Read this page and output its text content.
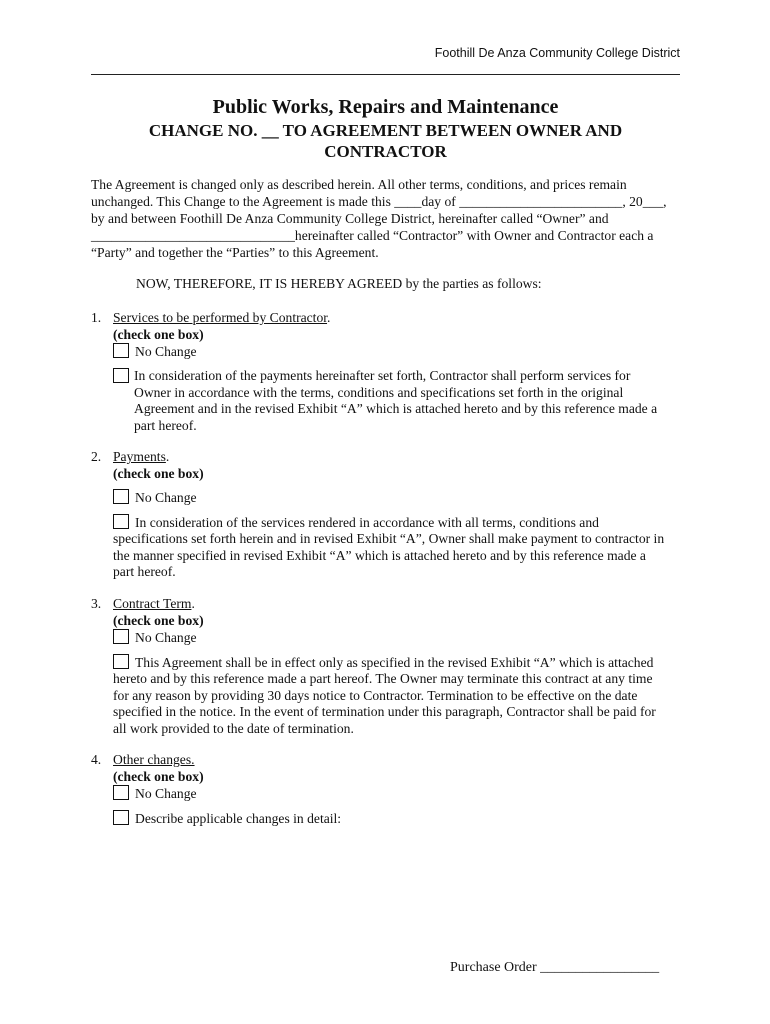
Foothill De Anza Community College District
Public Works, Repairs and Maintenance
CHANGE NO. __ TO AGREEMENT BETWEEN OWNER AND
CONTRACTOR
The Agreement is changed only as described herein. All other terms, conditions, and prices remain
unchanged. This Change to the Agreement is made this ____day of ________________________, 20___,
by and between Foothill De Anza Community College District, hereinafter called “Owner” and
______________________________hereinafter called “Contractor” with Owner and Contractor each a
“Party” and together the “Parties” to this Agreement.
NOW, THEREFORE, IT IS HEREBY AGREED by the parties as follows:
1. Services to be performed by Contractor.
(check one box)
No Change
In consideration of the payments hereinafter set forth, Contractor shall perform services for
Owner in accordance with the terms, conditions and specifications set forth in the original
Agreement and in the revised Exhibit “A” which is attached hereto and by this reference made a
part hereof.
2. Payments.
(check one box)
No Change
In consideration of the services rendered in accordance with all terms, conditions and
specifications set forth herein and in revised Exhibit “A”, Owner shall make payment to contractor in
the manner specified in revised Exhibit “A” which is attached hereto and by this reference made a
part hereof.
3. Contract Term.
(check one box)
No Change
This Agreement shall be in effect only as specified in the revised Exhibit “A” which is attached
hereto and by this reference made a part hereof. The Owner may terminate this contract at any time
for any reason by providing 30 days notice to Contractor. Termination to be effective on the date
specified in the notice. In the event of termination under this paragraph, Contractor shall be paid for
all work provided to the date of termination.
4. Other changes.
(check one box)
No Change
Describe applicable changes in detail:
Purchase Order _________________
